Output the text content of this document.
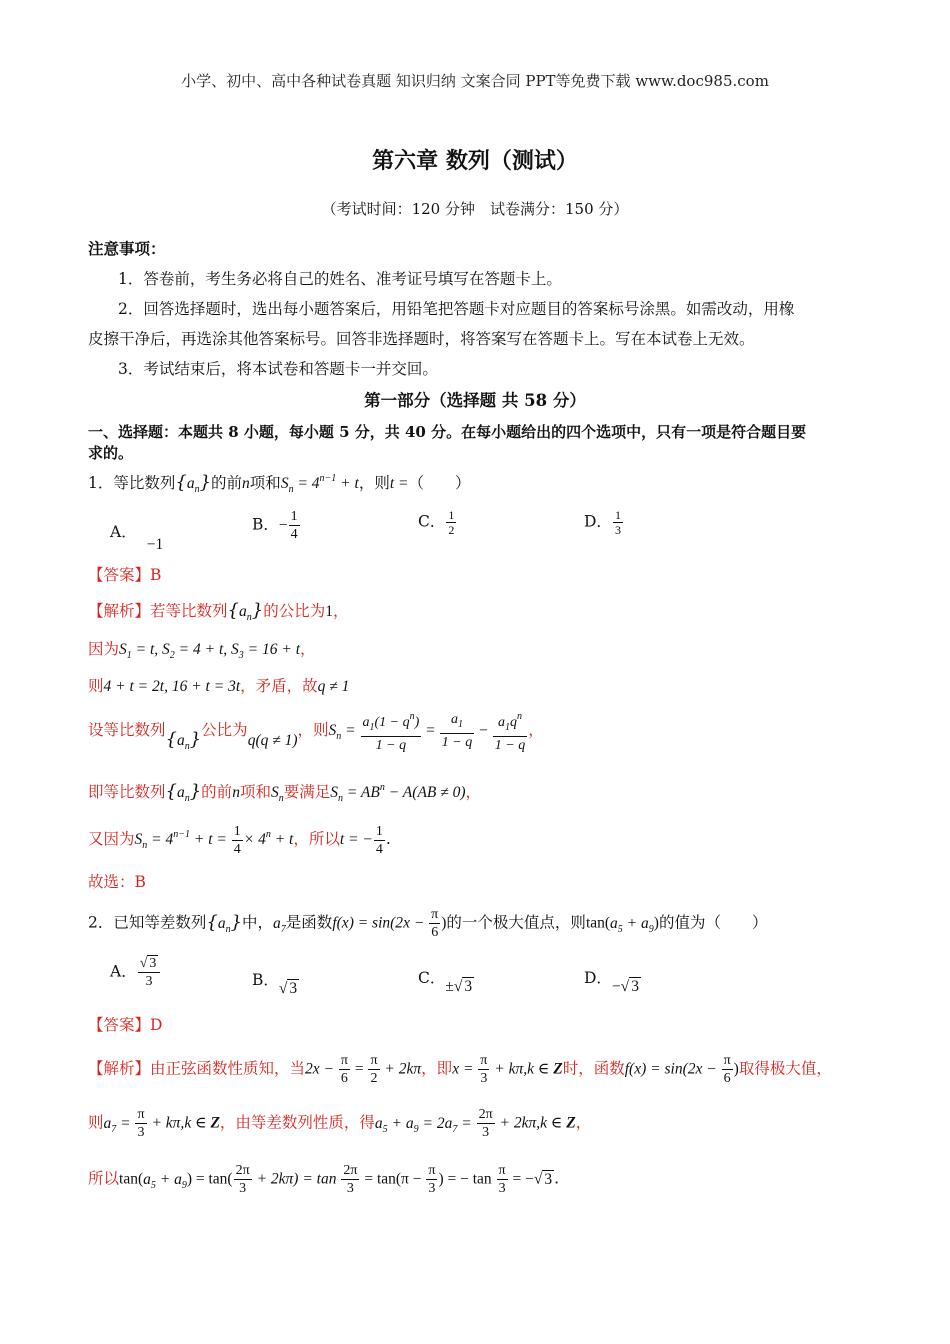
小学、初中、高中各种试卷真题 知识归纳 文案合同 PPT等免费下载 www.doc985.com
第六章 数列（测试）
（考试时间：120 分钟　试卷满分：150 分）
注意事项：
1．答卷前，考生务必将自己的姓名、准考证号填写在答题卡上。
2．回答选择题时，选出每小题答案后，用铅笔把答题卡对应题目的答案标号涂黑。如需改动，用橡
皮擦干净后，再选涂其他答案标号。回答非选择题时，将答案写在答题卡上。写在本试卷上无效。
3．考试结束后，将本试卷和答题卡一并交回。
第一部分（选择题 共 58 分）
一、选择题：本题共 8 小题，每小题 5 分，共 40 分。在每小题给出的四个选项中，只有一项是符合题目要
求的。
1．等比数列$\{a_n\}$的前n项和$S_n = 4^{n-1} + t$，则t =（　　）
A．−1
B．− $\frac{1}{4}$	C． $\frac{1}{2}$	D． $\frac{1}{3}$
【答案】B
【解析】若等比数列$\{a_n\}$的公比为1，
因为$S_1 = t$, $S_2 = 4 + t$, $S_3 = 16 + t$，
则4 + t = 2t, 16 + t = 3t，矛盾，故q ≠ 1
设等比数列$\{a_n\}$公比为q(q ≠ 1)，则$S_n = \frac{a_1(1 - q^n)}{1 - q} = \frac{a_1}{1 - q} - \frac{a_1q^n}{1 - q}$ ，
即等比数列$\{a_n\}$的前n项和$S_n$要满足$S_n = AB^n - A(AB \ne 0)$，
又因为$S_n = 4^{n-1} + t = \frac{1}{4} \times 4^n + t$，所以t = − $\frac{1}{4}$ .
故选：B
2．已知等差数列$\{a_n\}$中，$a_7$是函数$f(x) = \sin(2x - \frac{\pi}{6}$ )的一个极大值点，则$\tan(a_5 + a_9)$的值为（　　）
A． $\frac{√ 3}{3}$	B．√ 3
C．±√ 3	D．−√ 3
【答案】D
【解析】由正弦函数性质知，当$2x - \frac{\pi}{6} = \frac{\pi}{2} + 2k\pi$，即$x = \frac{\pi}{3} + k\pi,k$ ∈ Z时，函数$f(x) = \sin(2x - \frac{\pi}{6}$ )取得极大值，
则$a_7 = \frac{\pi}{3} + k\pi,k$ ∈ Z，由等差数列性质，得$a_5 + a_9 = 2a_7 = \frac{2\pi}{3} + 2k\pi,k$ ∈ Z，
所以$\tan(a_5 + a_9) = \tan( \frac{2\pi}{3} + 2k\pi) = \tan \frac{2\pi}{3} = \tan(\pi - \frac{\pi}{3}$ ) = − $\tan \frac{\pi}{3}$ = −√ 3 .
